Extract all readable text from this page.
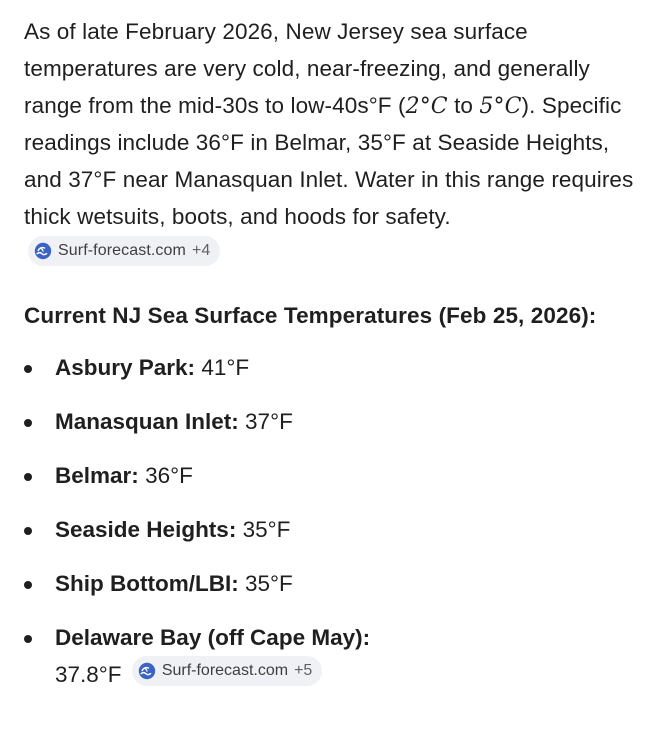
As of late February 2026, New Jersey sea surface temperatures are very cold, near-freezing, and generally range from the mid-30s to low-40s°F (2°C to 5°C). Specific readings include 36°F in Belmar, 35°F at Seaside Heights, and 37°F near Manasquan Inlet. Water in this range requires thick wetsuits, boots, and hoods for safety.
Surf-forecast.com +4

Current NJ Sea Surface Temperatures (Feb 25, 2026):
Asbury Park: 41°F
Manasquan Inlet: 37°F
Belmar: 36°F
Seaside Heights: 35°F
Ship Bottom/LBI: 35°F
Delaware Bay (off Cape May):
37.8°F	Surf-forecast.com +5
